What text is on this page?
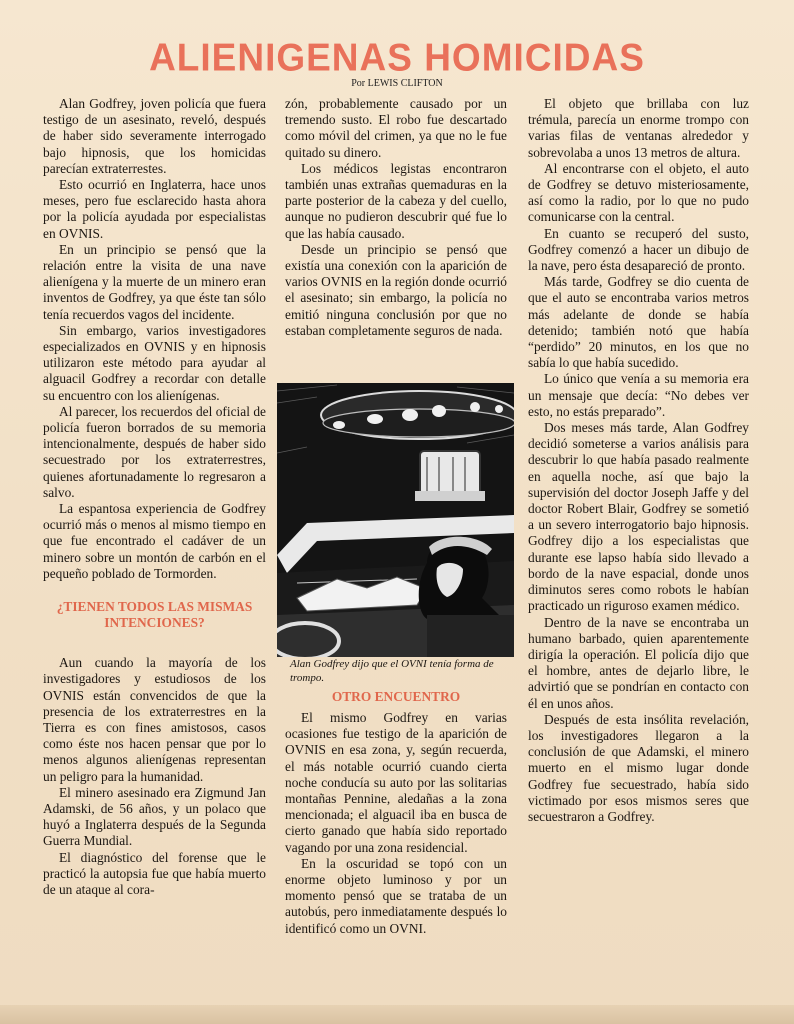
ALIENIGENAS HOMICIDAS
Por LEWIS CLIFTON

Alan Godfrey, joven policía que fuera testigo de un asesinato, reveló, después de haber sido severamente interrogado bajo hipnosis, que los homicidas parecían extraterrestes.

Esto ocurrió en Inglaterra, hace unos meses, pero fue esclarecido hasta ahora por la policía ayudada por especialistas en OVNIS.

En un principio se pensó que la relación entre la visita de una nave alienígena y la muerte de un minero eran inventos de Godfrey, ya que éste tan sólo tenía recuerdos vagos del incidente.

Sin embargo, varios investigadores especializados en OVNIS y en hipnosis utilizaron este método para ayudar al alguacil Godfrey a recordar con detalle su encuentro con los alienígenas.

Al parecer, los recuerdos del oficial de policía fueron borrados de su memoria intencionalmente, después de haber sido secuestrado por los extraterrestres, quienes afortunadamente lo regresaron a salvo.

La espantosa experiencia de Godfrey ocurrió más o menos al mismo tiempo en que fue encontrado el cadáver de un minero sobre un montón de carbón en el pequeño poblado de Tormorden.

¿TIENEN TODOS LAS MISMAS INTENCIONES?

Aun cuando la mayoría de los investigadores y estudiosos de los OVNIS están convencidos de que la presencia de los extraterrestres en la Tierra es con fines amistosos, casos como éste nos hacen pensar que por lo menos algunos alienígenas representan un peligro para la humanidad.

El minero asesinado era Zigmund Jan Adamski, de 56 años, y un polaco que huyó a Inglaterra después de la Segunda Guerra Mundial.

El diagnóstico del forense que le practicó la autopsia fue que había muerto de un ataque al cora-

zón, probablemente causado por un tremendo susto. El robo fue descartado como móvil del crimen, ya que no le fue quitado su dinero.

Los médicos legistas encontraron también unas extrañas quemaduras en la parte posterior de la cabeza y del cuello, aunque no pudieron descubrir qué fue lo que las había causado.

Desde un principio se pensó que existía una conexión con la aparición de varios OVNIS en la región donde ocurrió el asesinato; sin embargo, la policía no emitió ninguna conclusión por que no estaban completamente seguros de nada.

Alan Godfrey dijo que el OVNI tenía forma de trompo.

OTRO ENCUENTRO

El mismo Godfrey en varias ocasiones fue testigo de la aparición de OVNIS en esa zona, y, según recuerda, el más notable ocurrió cuando cierta noche conducía su auto por las solitarias montañas Pennine, aledañas a la zona mencionada; el alguacil iba en busca de cierto ganado que había sido reportado vagando por una zona residencial.

En la oscuridad se topó con un enorme objeto luminoso y por un momento pensó que se trataba de un autobús, pero inmediatamente después lo identificó como un OVNI.

El objeto que brillaba con luz trémula, parecía un enorme trompo con varias filas de ventanas alrededor y sobrevolaba a unos 13 metros de altura.

Al encontrarse con el objeto, el auto de Godfrey se detuvo misteriosamente, así como la radio, por lo que no pudo comunicarse con la central.

En cuanto se recuperó del susto, Godfrey comenzó a hacer un dibujo de la nave, pero ésta desapareció de pronto.

Más tarde, Godfrey se dio cuenta de que el auto se encontraba varios metros más adelante de donde se había detenido; también notó que había “perdido” 20 minutos, en los que no sabía lo que había sucedido.

Lo único que venía a su memoria era un mensaje que decía: “No debes ver esto, no estás preparado”.

Dos meses más tarde, Alan Godfrey decidió someterse a varios análisis para descubrir lo que había pasado realmente en aquella noche, así que bajo la supervisión del doctor Joseph Jaffe y del doctor Robert Blair, Godfrey se sometió a un severo interrogatorio bajo hipnosis. Godfrey dijo a los especialistas que durante ese lapso había sido llevado a bordo de la nave espacial, donde unos diminutos seres como robots le habían practicado un riguroso examen médico.

Dentro de la nave se encontraba un humano barbado, quien aparentemente dirigía la operación. El policía dijo que el hombre, antes de dejarlo libre, le advirtió que se pondrían en contacto con él en unos años.

Después de esta insólita revelación, los investigadores llegaron a la conclusión de que Adamski, el minero muerto en el mismo lugar donde Godfrey fue secuestrado, había sido victimado por esos mismos seres que secuestraron a Godfrey.
